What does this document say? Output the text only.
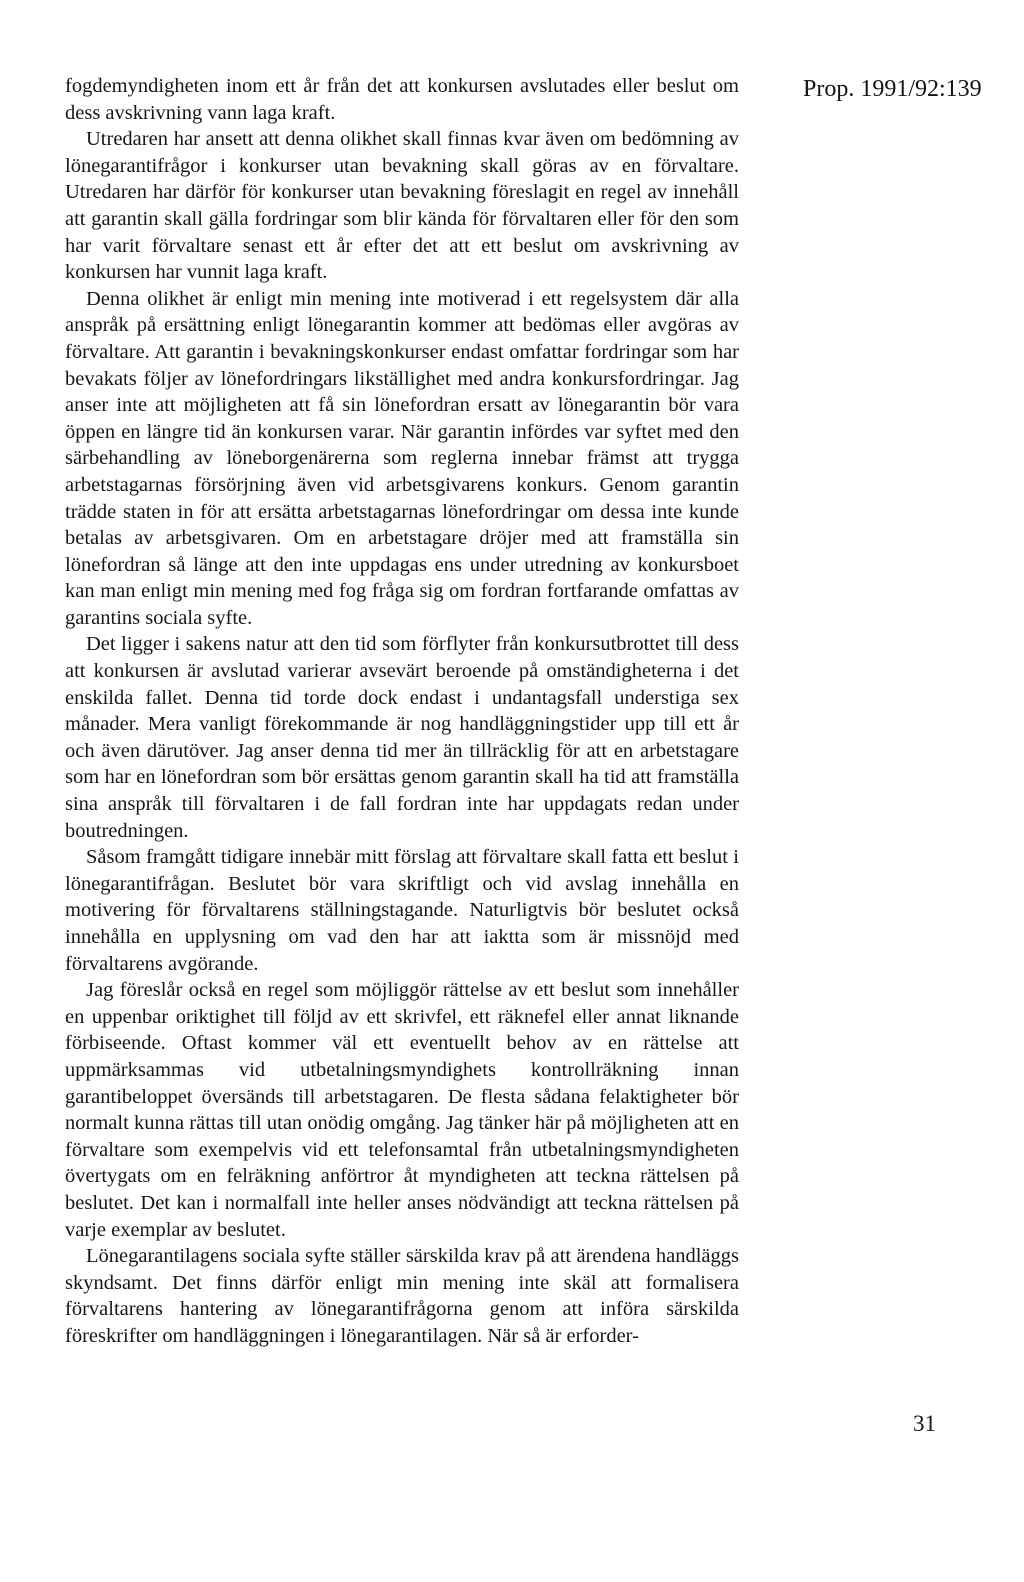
Prop. 1991/92:139

fogdemyndigheten inom ett år från det att konkursen avslutades eller beslut om dess avskrivning vann laga kraft.

Utredaren har ansett att denna olikhet skall finnas kvar även om bedömning av lönegarantifrågor i konkurser utan bevakning skall göras av en förvaltare. Utredaren har därför för konkurser utan bevakning föreslagit en regel av innehåll att garantin skall gälla fordringar som blir kända för förvaltaren eller för den som har varit förvaltare senast ett år efter det att ett beslut om avskrivning av konkursen har vunnit laga kraft.

Denna olikhet är enligt min mening inte motiverad i ett regelsystem där alla anspråk på ersättning enligt lönegarantin kommer att bedömas eller avgöras av förvaltare. Att garantin i bevakningskonkurser endast omfattar fordringar som har bevakats följer av lönefordringars likställighet med andra konkursfordringar. Jag anser inte att möjligheten att få sin lönefordran ersatt av lönegarantin bör vara öppen en längre tid än konkursen varar. När garantin infördes var syftet med den särbehandling av löneborgenärerna som reglerna innebar främst att trygga arbetstagarnas försörjning även vid arbetsgivarens konkurs. Genom garantin trädde staten in för att ersätta arbetstagarnas lönefordringar om dessa inte kunde betalas av arbetsgivaren. Om en arbetstagare dröjer med att framställa sin lönefordran så länge att den inte uppdagas ens under utredning av konkursboet kan man enligt min mening med fog fråga sig om fordran fortfarande omfattas av garantins sociala syfte.

Det ligger i sakens natur att den tid som förflyter från konkursutbrottet till dess att konkursen är avslutad varierar avsevärt beroende på omständigheterna i det enskilda fallet. Denna tid torde dock endast i undantagsfall understiga sex månader. Mera vanligt förekommande är nog handläggningstider upp till ett år och även därutöver. Jag anser denna tid mer än tillräcklig för att en arbetstagare som har en lönefordran som bör ersättas genom garantin skall ha tid att framställa sina anspråk till förvaltaren i de fall fordran inte har uppdagats redan under boutredningen.

Såsom framgått tidigare innebär mitt förslag att förvaltare skall fatta ett beslut i lönegarantifrågan. Beslutet bör vara skriftligt och vid avslag innehålla en motivering för förvaltarens ställningstagande. Naturligtvis bör beslutet också innehålla en upplysning om vad den har att iaktta som är missnöjd med förvaltarens avgörande.

Jag föreslår också en regel som möjliggör rättelse av ett beslut som innehåller en uppenbar oriktighet till följd av ett skrivfel, ett räknefel eller annat liknande förbiseende. Oftast kommer väl ett eventuellt behov av en rättelse att uppmärksammas vid utbetalningsmyndighets kontrollräkning innan garantibeloppet översänds till arbetstagaren. De flesta sådana felaktigheter bör normalt kunna rättas till utan onödig omgång. Jag tänker här på möjligheten att en förvaltare som exempelvis vid ett telefonsamtal från utbetalningsmyndigheten övertygats om en felräkning anförtror åt myndigheten att teckna rättelsen på beslutet. Det kan i normalfall inte heller anses nödvändigt att teckna rättelsen på varje exemplar av beslutet.

Lönegarantilagens sociala syfte ställer särskilda krav på att ärendena handläggs skyndsamt. Det finns därför enligt min mening inte skäl att formalisera förvaltarens hantering av lönegarantifrågorna genom att införa särskilda föreskrifter om handläggningen i lönegarantilagen. När så är erforder-

31
